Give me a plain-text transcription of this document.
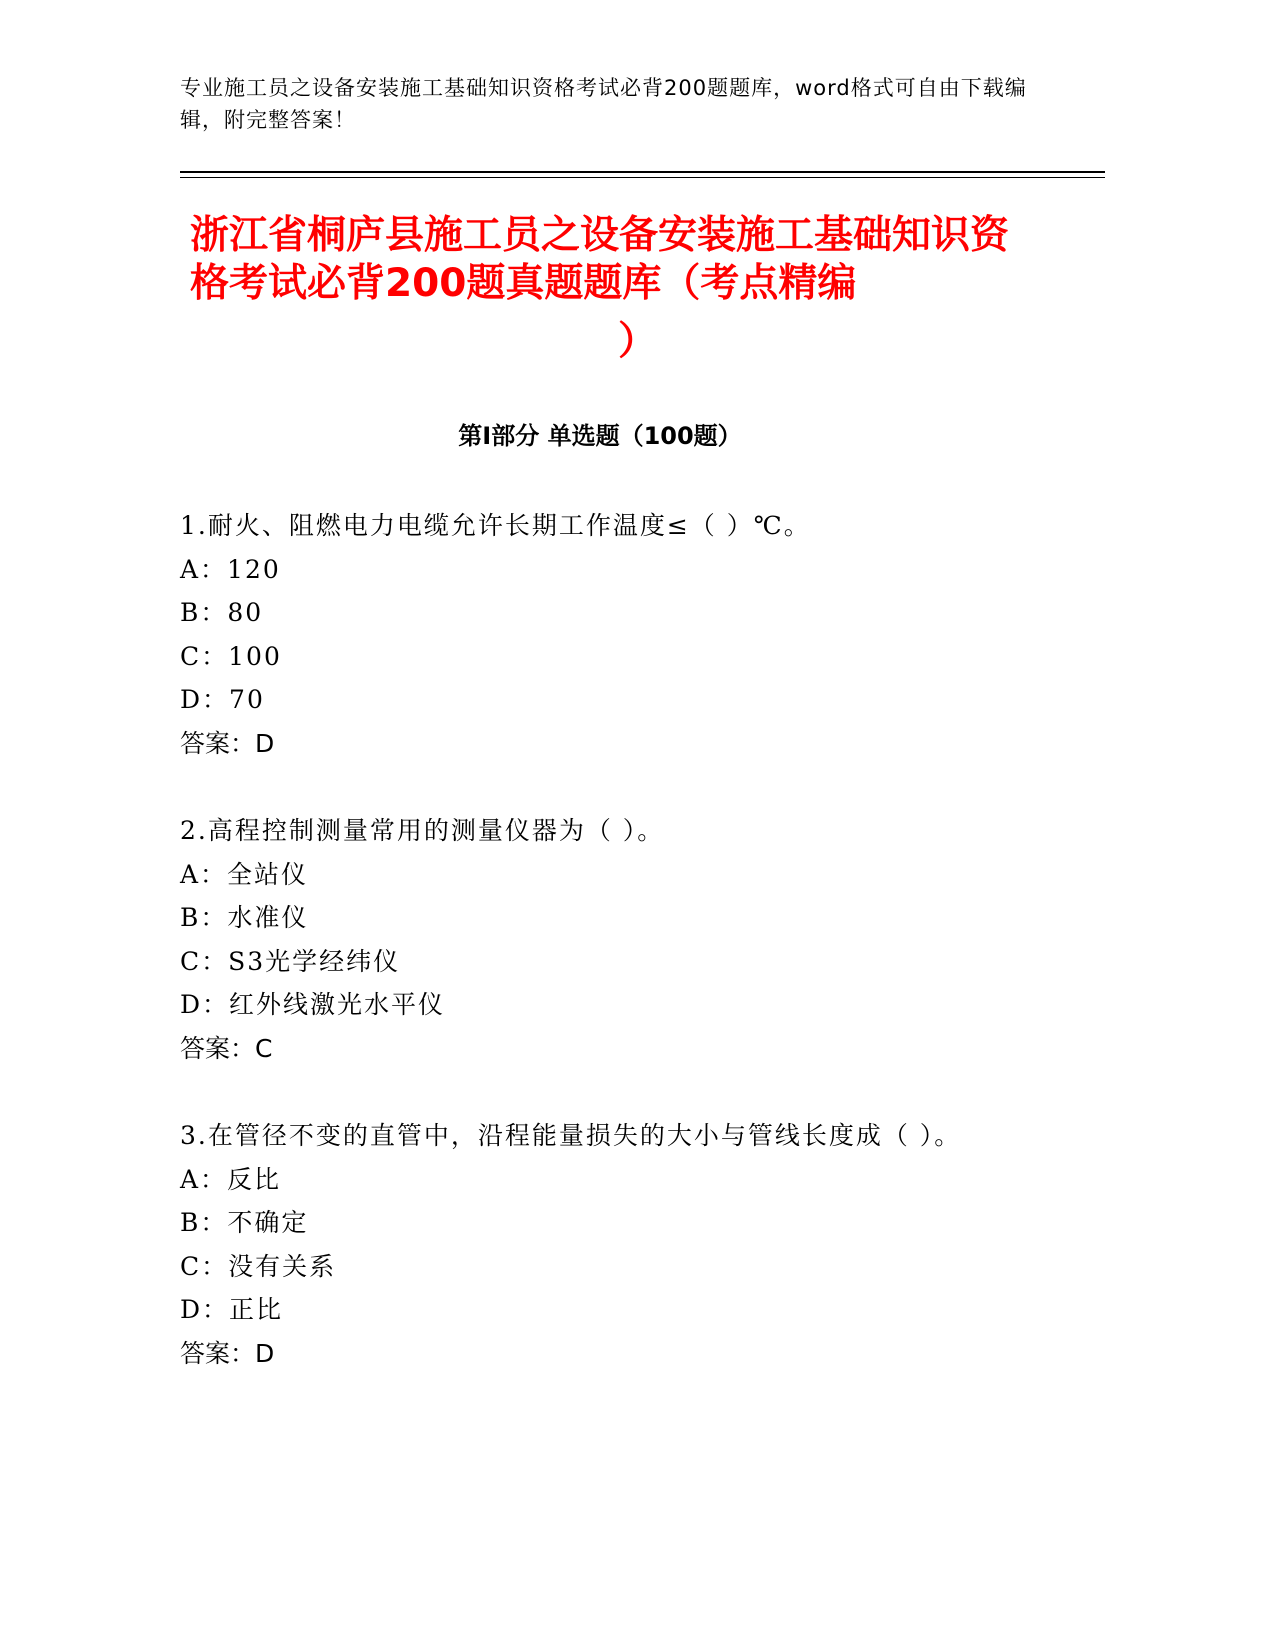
专业施工员之设备安装施工基础知识资格考试必背200题题库，word格式可自由下载编辑，附完整答案！
浙江省桐庐县施工员之设备安装施工基础知识资格考试必背200题真题题库（考点精编
）
第I部分 单选题（100题）
1.耐火、阻燃电力电缆允许长期工作温度≤（ ）℃。
A：120
B：80
C：100
D：70
答案：D
2.高程控制测量常用的测量仪器为（ ）。
A：全站仪
B：水准仪
C：S3光学经纬仪
D：红外线激光水平仪
答案：C
3.在管径不变的直管中，沿程能量损失的大小与管线长度成（ ）。
A：反比
B：不确定
C：没有关系
D：正比
答案：D
